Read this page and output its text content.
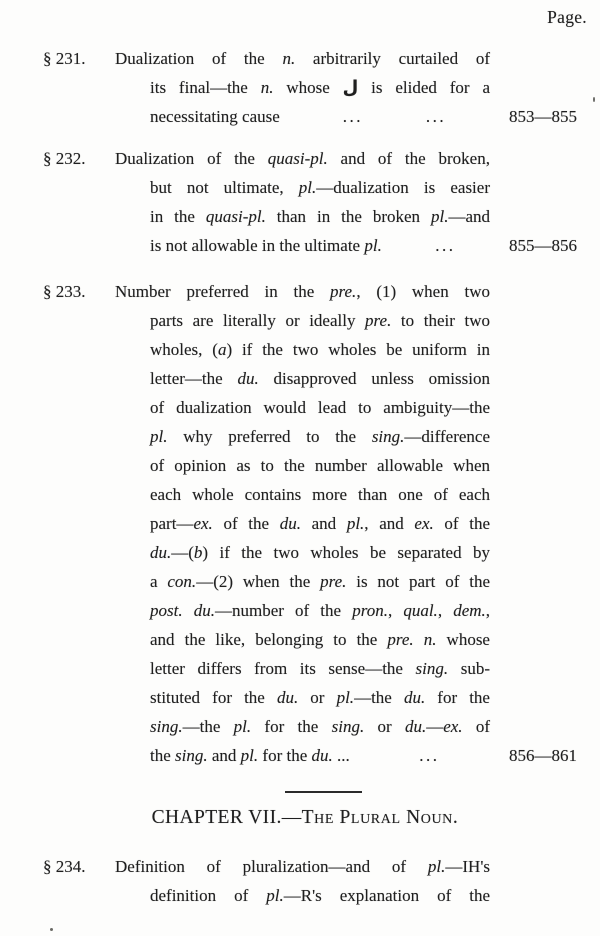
Page.
§ 231. Dualization of the n. arbitrarily curtailed of
its final—the n. whose ل is elided for a
necessitating cause	...	...	853—855
§ 232. Dualization of the quasi-pl. and of the broken,
but not ultimate, pl.—dualization is easier
in the quasi-pl. than in the broken pl.—and
is not allowable in the ultimate pl.	...	855—856
§ 233. Number preferred in the pre., (1) when two
parts are literally or ideally pre. to their two
wholes, (a) if the two wholes be uniform in
letter—the du. disapproved unless omission
of dualization would lead to ambiguity—the
pl. why preferred to the sing.—difference
of opinion as to the number allowable when
each whole contains more than one of each
part—ex. of the du. and pl., and ex. of the
du.—(b) if the two wholes be separated by
a con.—(2) when the pre. is not part of the
post. du.—number of the pron., qual., dem.,
and the like, belonging to the pre. n. whose
letter differs from its sense—the sing. sub-
stituted for the du. or pl.—the du. for the
sing.—the pl. for the sing. or du.—ex. of
the sing. and pl. for the du. ...	...	856—861
CHAPTER VII.—The Plural Noun.
§ 234. Definition of pluralization—and of pl.—IH's
definition of pl.—R's explanation of the
